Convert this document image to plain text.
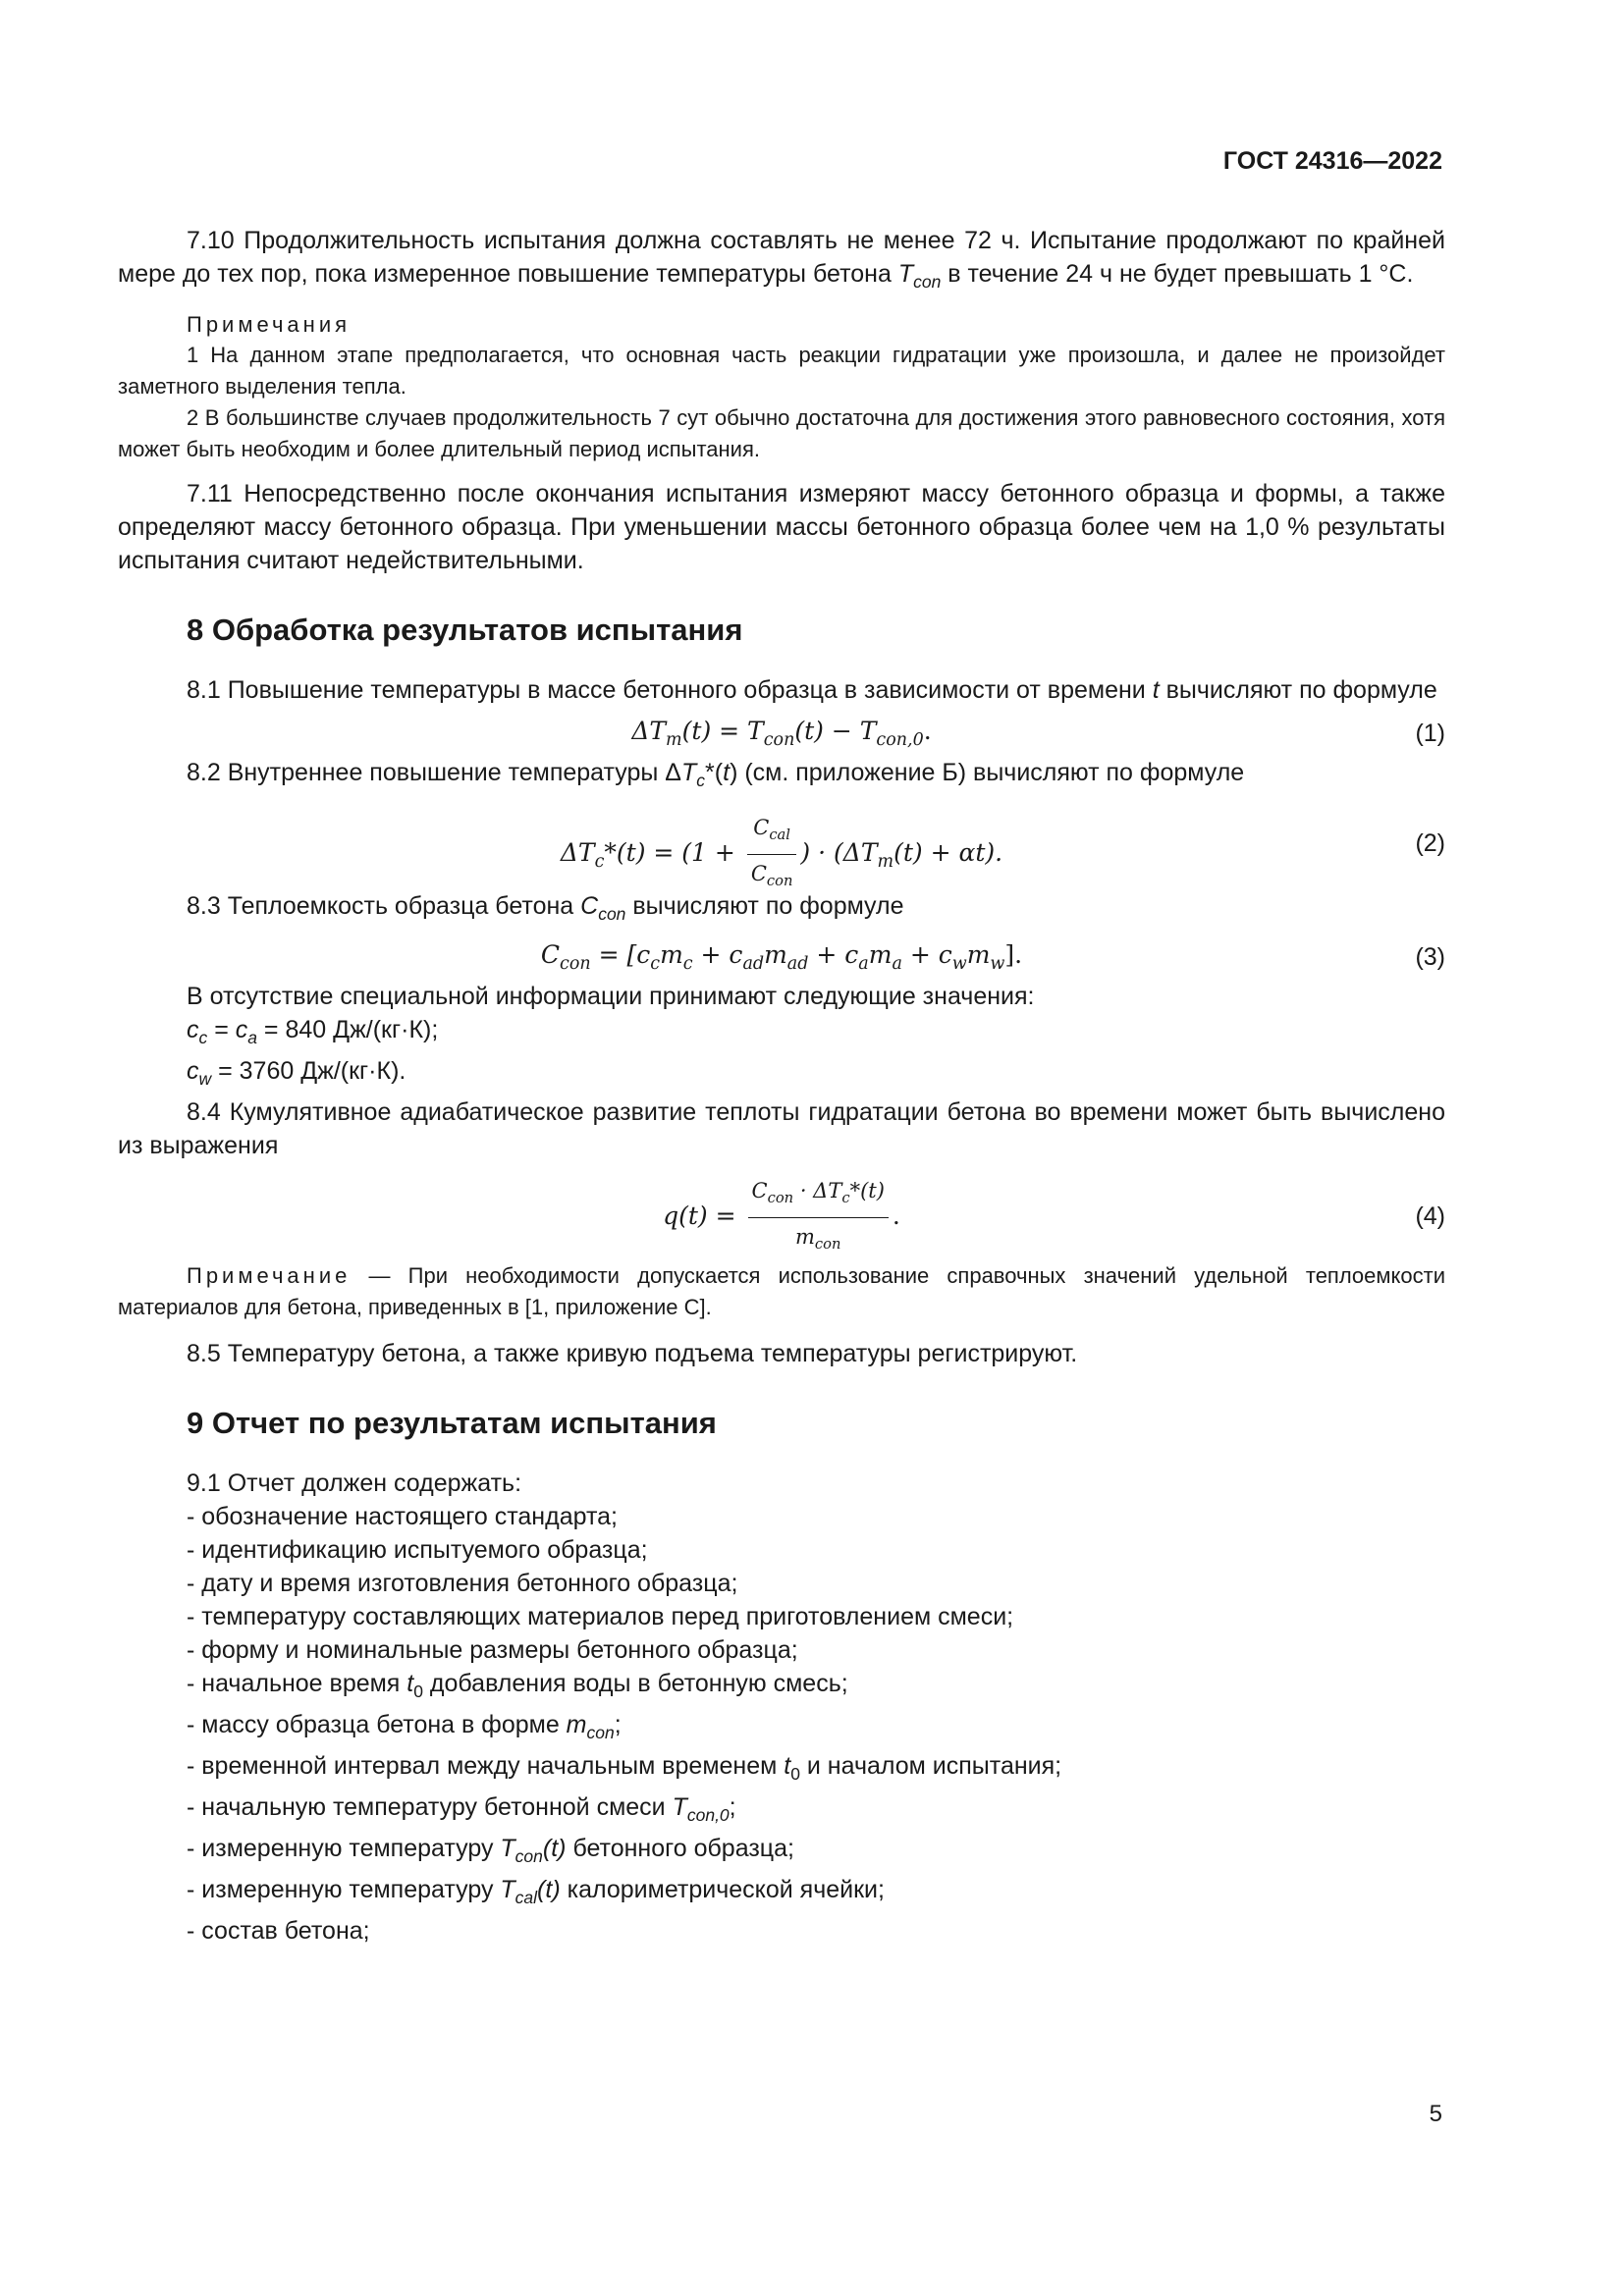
ГОСТ 24316—2022

7.10 Продолжительность испытания должна составлять не менее 72 ч. Испытание продолжают по крайней мере до тех пор, пока измеренное повышение температуры бетона $T_{con}$ в течение 24 ч не будет превышать 1 °С.

Примечания

1 На данном этапе предполагается, что основная часть реакции гидратации уже произошла, и далее не произойдет заметного выделения тепла.

2 В большинстве случаев продолжительность 7 сут обычно достаточна для достижения этого равновесного состояния, хотя может быть необходим и более длительный период испытания.

7.11 Непосредственно после окончания испытания измеряют массу бетонного образца и формы, а также определяют массу бетонного образца. При уменьшении массы бетонного образца более чем на 1,0 % результаты испытания считают недействительными.

8 Обработка результатов испытания

8.1 Повышение температуры в массе бетонного образца в зависимости от времени t вычисляют по формуле

$\Delta T_m(t) = T_{con}(t) - T_{con,0}$.	(1)

8.2 Внутреннее повышение температуры $\Delta T_c*(t)$ (см. приложение Б) вычисляют по формуле

$\Delta T_c*(t) = (1 + \frac{C_{cal}}{C_{con}}$ ) · $(\Delta T_m(t) + \alpha t)$.	(2)

8.3 Теплоемкость образца бетона $C_{con}$ вычисляют по формуле

$C_{con} = [c_cm_c + c_{ad}m_{ad} + c_am_a + c_wm_w]$.	(3)

В отсутствие специальной информации принимают следующие значения:

$c_c = c_a = 840$ Дж/(кг·К);

$c_w = 3760$ Дж/(кг·К).

8.4 Кумулятивное адиабатическое развитие теплоты гидратации бетона во времени может быть вычислено из выражения

$q(t) = \frac{C_{con} \cdot \Delta T_c*(t)}{m_{con}}$ .	(4)

Примечание — При необходимости допускается использование справочных значений удельной теплоемкости материалов для бетона, приведенных в [1, приложение С].

8.5 Температуру бетона, а также кривую подъема температуры регистрируют.

9 Отчет по результатам испытания
9.1 Отчет должен содержать:
- обозначение настоящего стандарта;
- идентификацию испытуемого образца;
- дату и время изготовления бетонного образца;
- температуру составляющих материалов перед приготовлением смеси;
- форму и номинальные размеры бетонного образца;
- начальное время $t_0$ добавления воды в бетонную смесь;
- массу образца бетона в форме $m_{con}$;
- временной интервал между начальным временем $t_0$ и началом испытания;
- начальную температуру бетонной смеси $T_{con,0}$;
- измеренную температуру $T_{con}(t)$ бетонного образца;
- измеренную температуру $T_{cal}(t)$ калориметрической ячейки;
- состав бетона;
5
